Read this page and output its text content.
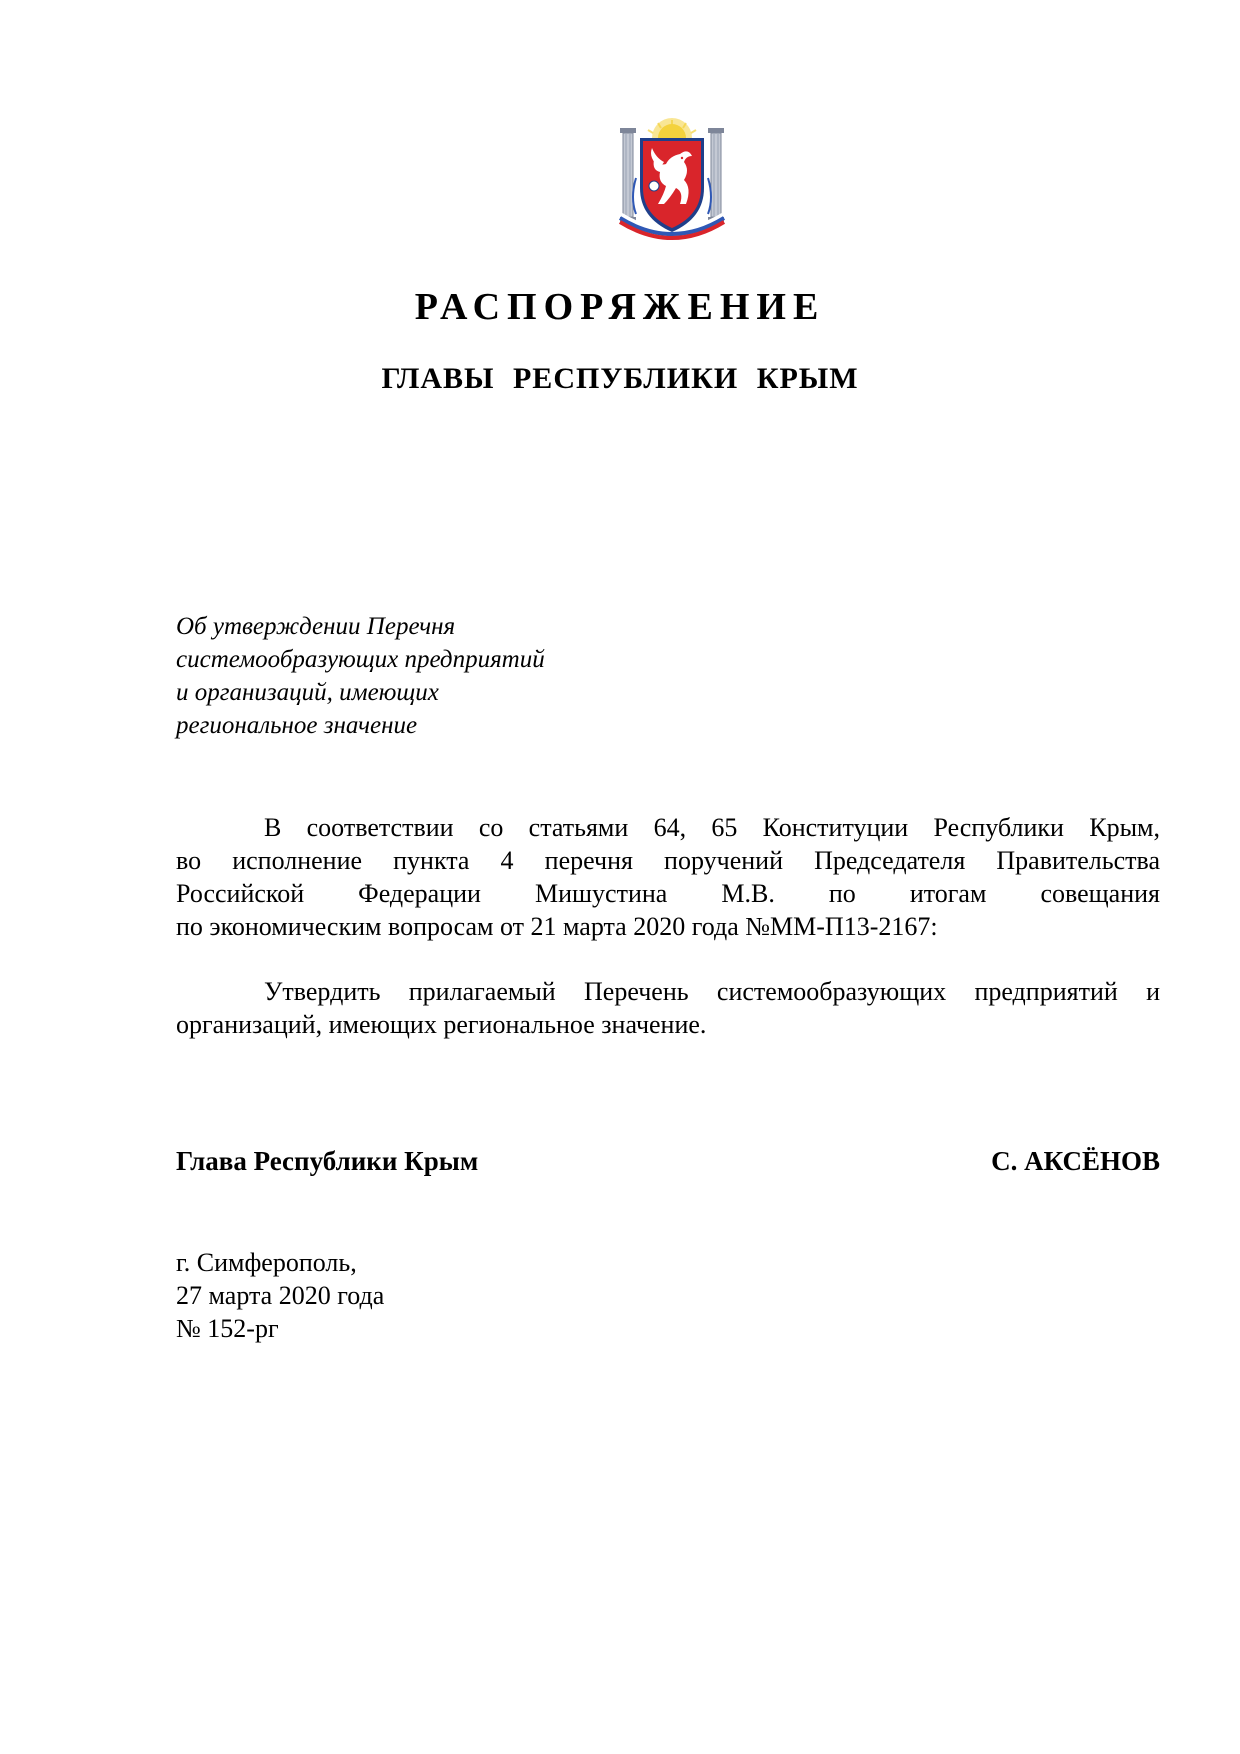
РАСПОРЯЖЕНИЕ
ГЛАВЫ РЕСПУБЛИКИ КРЫМ
Об утверждении Перечня
системообразующих предприятий
и организаций, имеющих
региональное значение
В соответствии со статьями 64, 65 Конституции Республики Крым,
во исполнение пункта 4 перечня поручений Председателя Правительства
Российской Федерации Мишустина М.В. по итогам совещания
по экономическим вопросам от 21 марта 2020 года №ММ-П13-2167:
Утвердить прилагаемый Перечень системообразующих предприятий и
организаций, имеющих региональное значение.
Глава Республики Крым	С. АКСЁНОВ
г. Симферополь,
27 марта 2020 года
№ 152-рг
